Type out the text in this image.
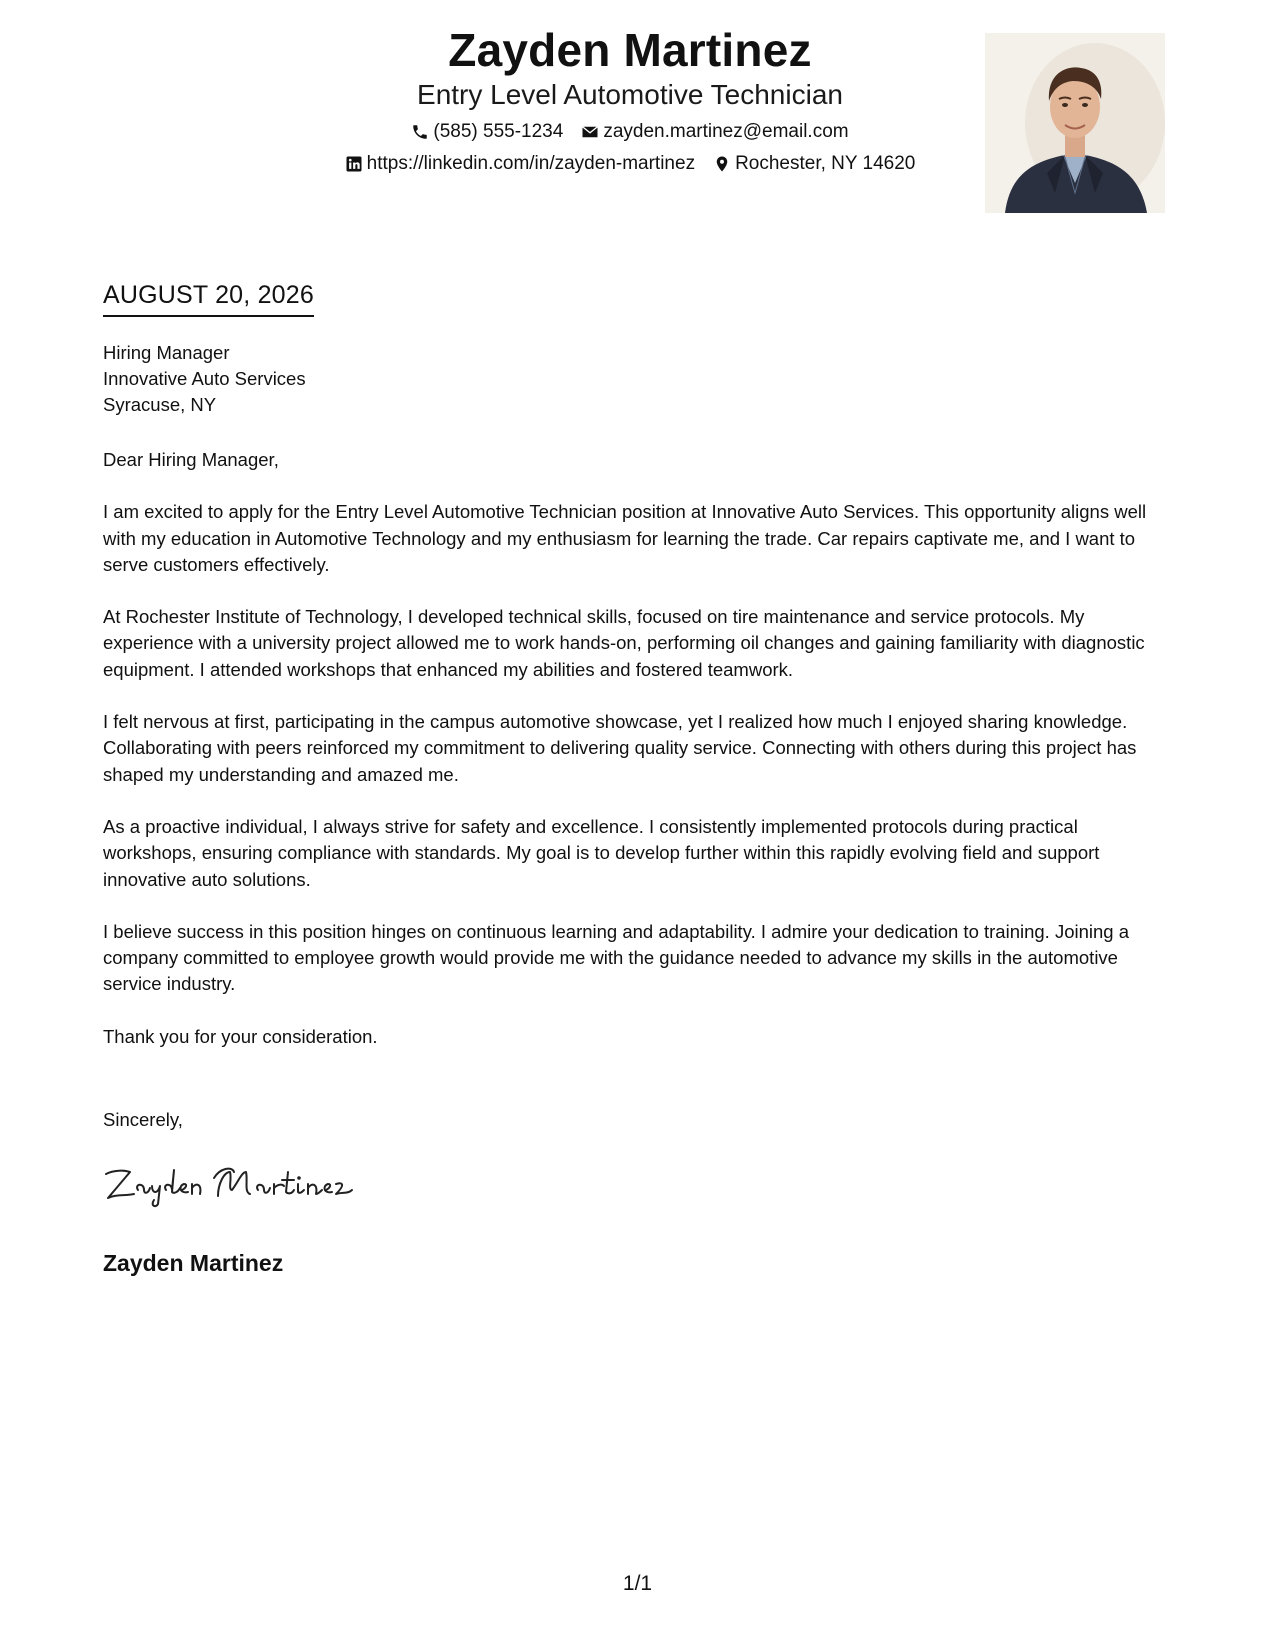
Zayden Martinez
Entry Level Automotive Technician
(585) 555-1234 zayden.martinez@email.com
https://linkedin.com/in/zayden-martinez Rochester, NY 14620
AUGUST 20, 2026
Hiring Manager
Innovative Auto Services
Syracuse, NY

Dear Hiring Manager,

I am excited to apply for the Entry Level Automotive Technician position at Innovative Auto Services. This opportunity aligns well with my education in Automotive Technology and my enthusiasm for learning the trade. Car repairs captivate me, and I want to serve customers effectively.

At Rochester Institute of Technology, I developed technical skills, focused on tire maintenance and service protocols. My experience with a university project allowed me to work hands-on, performing oil changes and gaining familiarity with diagnostic equipment. I attended workshops that enhanced my abilities and fostered teamwork.

I felt nervous at first, participating in the campus automotive showcase, yet I realized how much I enjoyed sharing knowledge. Collaborating with peers reinforced my commitment to delivering quality service. Connecting with others during this project has shaped my understanding and amazed me.

As a proactive individual, I always strive for safety and excellence. I consistently implemented protocols during practical workshops, ensuring compliance with standards. My goal is to develop further within this rapidly evolving field and support innovative auto solutions.

I believe success in this position hinges on continuous learning and adaptability. I admire your dedication to training. Joining a company committed to employee growth would provide me with the guidance needed to advance my skills in the automotive service industry.

Thank you for your consideration.

Sincerely,
Zayden Martinez
1/1
